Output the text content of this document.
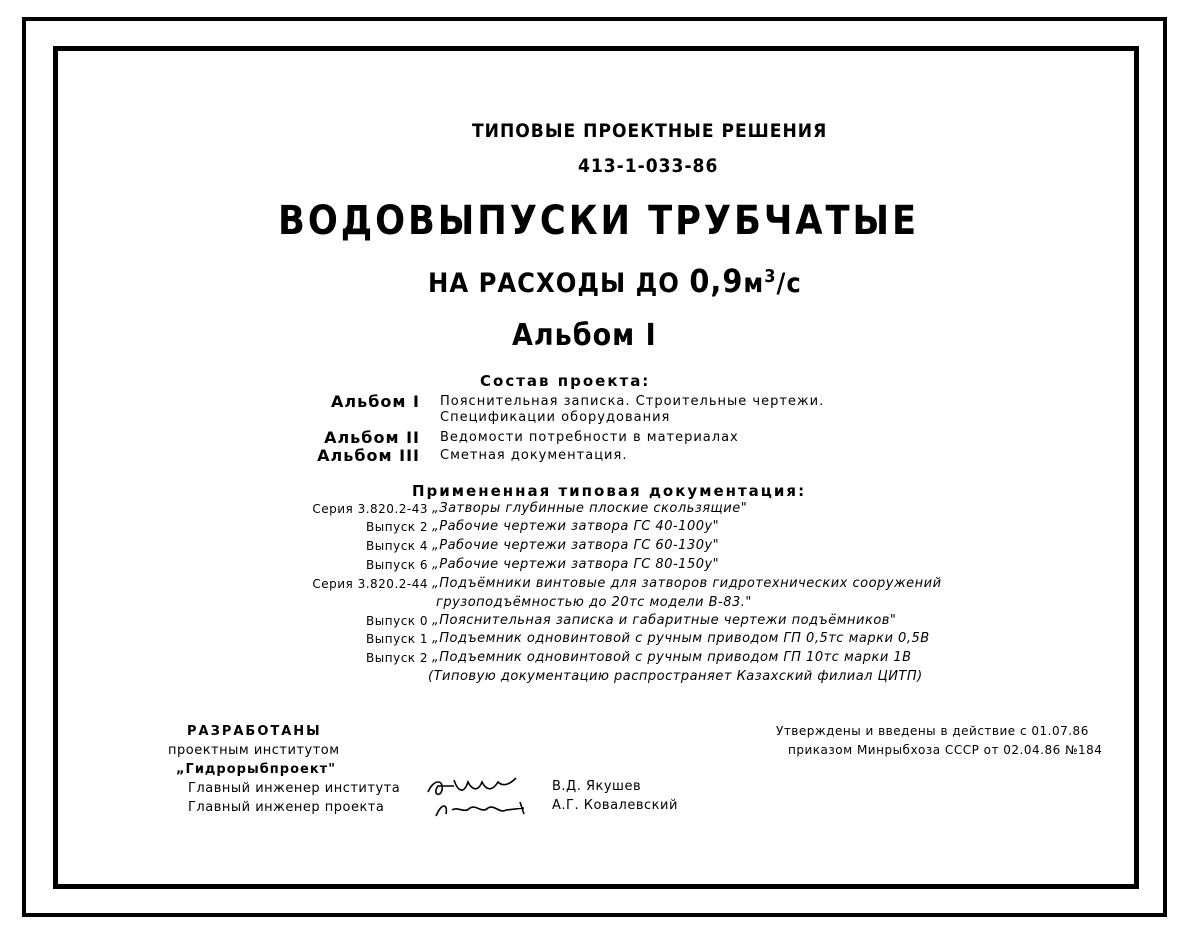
ТИПОВЫЕ ПРОЕКТНЫЕ РЕШЕНИЯ
413-1-033-86
ВОДОВЫПУСКИ ТРУБЧАТЫЕ
НА РАСХОДЫ ДО $0,9м^3/с$
Альбом I
Состав проекта:
Альбом I Пояснительная записка. Строительные чертежи.
Спецификации оборудования
Альбом II Ведомости потребности в материалах
Альбом III Сметная документация.
Примененная типовая документация:
Серия 3.820.2-43 „Затворы глубинные плоские скользящие"
Выпуск 2 „Рабочие чертежи затвора ГС 40-100у"
Выпуск 4 „Рабочие чертежи затвора ГС 60-130у"
Выпуск 6 „Рабочие чертежи затвора ГС 80-150у"
Серия 3.820.2-44 „Подъёмники винтовые для затворов гидротехнических сооружений
грузоподъёмностью до 20тс модели В-83."
Выпуск 0 „Пояснительная записка и габаритные чертежи подъёмников"
Выпуск 1 „Подъемник одновинтовой с ручным приводом ГП 0,5тс марки 0,5В
Выпуск 2 „Подъемник одновинтовой с ручным приводом ГП 10тс марки 1В
(Типовую документацию распространяет Казахский филиал ЦИТП)
РАЗРАБОТАНЫ
проектным институтом
„Гидрорыбпроект"
Главный инженер института
Главный инженер проекта
В.Д. Якушев
А.Г. Ковалевский
Утверждены и введены в действие с 01.07.86
приказом Минрыбхоза СССР от 02.04.86 №184
